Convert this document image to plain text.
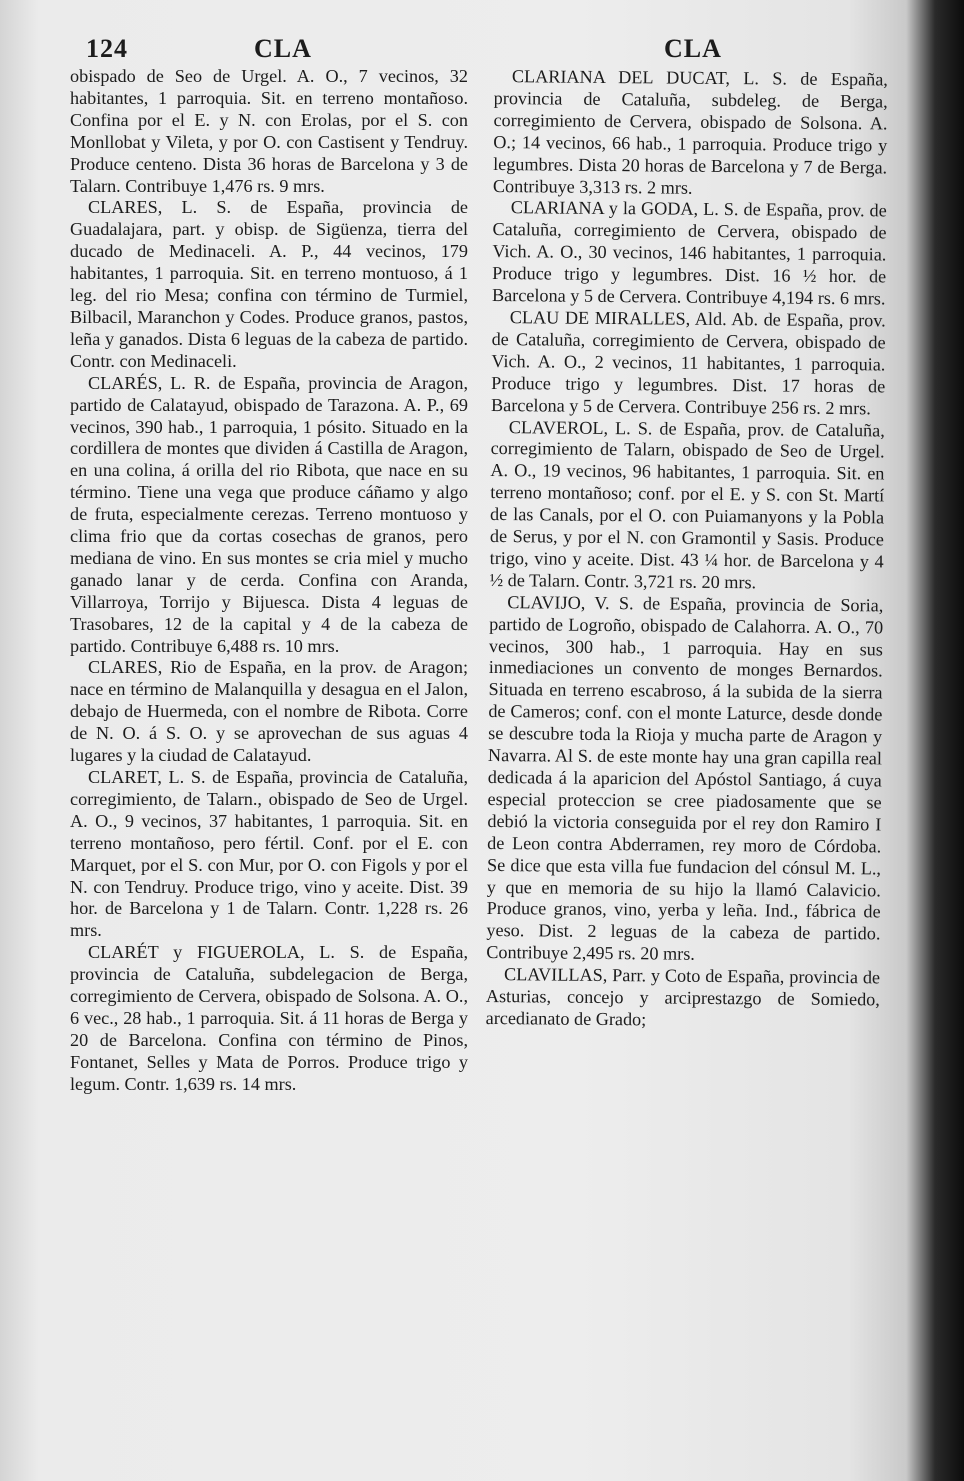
124	CLA	CLA

obispado de Seo de Urgel. A. O., 7 vecinos, 32 habitantes, 1 parroquia. Sit. en terreno montañoso. Confina por el E. y N. con Erolas, por el S. con Monllobat y Vileta, y por O. con Castisent y Tendruy. Produce centeno. Dista 36 horas de Barcelona y 3 de Talarn. Contribuye 1,476 rs. 9 mrs.

CLARES, L. S. de España, provincia de Guadalajara, part. y obisp. de Sigüenza, tierra del ducado de Medinaceli. A. P., 44 vecinos, 179 habitantes, 1 parroquia. Sit. en terreno montuoso, á 1 leg. del rio Mesa; confina con término de Turmiel, Bilbacil, Maranchon y Codes. Produce granos, pastos, leña y ganados. Dista 6 leguas de la cabeza de partido. Contr. con Medinaceli.

CLARÉS, L. R. de España, provincia de Aragon, partido de Calatayud, obispado de Tarazona. A. P., 69 vecinos, 390 hab., 1 parroquia, 1 pósito. Situado en la cordillera de montes que dividen á Castilla de Aragon, en una colina, á orilla del rio Ribota, que nace en su término. Tiene una vega que produce cáñamo y algo de fruta, especialmente cerezas. Terreno montuoso y clima frio que da cortas cosechas de granos, pero mediana de vino. En sus montes se cria miel y mucho ganado lanar y de cerda. Confina con Aranda, Villarroya, Torrijo y Bijuesca. Dista 4 leguas de Trasobares, 12 de la capital y 4 de la cabeza de partido. Contribuye 6,488 rs. 10 mrs.

CLARES, Rio de España, en la prov. de Aragon; nace en término de Malanquilla y desagua en el Jalon, debajo de Huermeda, con el nombre de Ribota. Corre de N. O. á S. O. y se aprovechan de sus aguas 4 lugares y la ciudad de Calatayud.

CLARET, L. S. de España, provincia de Cataluña, corregimiento, de Talarn., obispado de Seo de Urgel. A. O., 9 vecinos, 37 habitantes, 1 parroquia. Sit. en terreno montañoso, pero fértil. Conf. por el E. con Marquet, por el S. con Mur, por O. con Figols y por el N. con Tendruy. Produce trigo, vino y aceite. Dist. 39 hor. de Barcelona y 1 de Talarn. Contr. 1,228 rs. 26 mrs.

CLARÉT y FIGUEROLA, L. S. de España, provincia de Cataluña, subdelegacion de Berga, corregimiento de Cervera, obispado de Solsona. A. O., 6 vec., 28 hab., 1 parroquia. Sit. á 11 horas de Berga y 20 de Barcelona. Confina con término de Pinos, Fontanet, Selles y Mata de Porros. Produce trigo y legum. Contr. 1,639 rs. 14 mrs.

CLARIANA DEL DUCAT, L. S. de España, provincia de Cataluña, subdeleg. de Berga, corregimiento de Cervera, obispado de Solsona. A. O.; 14 vecinos, 66 hab., 1 parroquia. Produce trigo y legumbres. Dista 20 horas de Barcelona y 7 de Berga. Contribuye 3,313 rs. 2 mrs.

CLARIANA y la GODA, L. S. de España, prov. de Cataluña, corregimiento de Cervera, obispado de Vich. A. O., 30 vecinos, 146 habitantes, 1 parroquia. Produce trigo y legumbres. Dist. 16 ½ hor. de Barcelona y 5 de Cervera. Contribuye 4,194 rs. 6 mrs.

CLAU DE MIRALLES, Ald. Ab. de España, prov. de Cataluña, corregimiento de Cervera, obispado de Vich. A. O., 2 vecinos, 11 habitantes, 1 parroquia. Produce trigo y legumbres. Dist. 17 horas de Barcelona y 5 de Cervera. Contribuye 256 rs. 2 mrs.

CLAVEROL, L. S. de España, prov. de Cataluña, corregimiento de Talarn, obispado de Seo de Urgel. A. O., 19 vecinos, 96 habitantes, 1 parroquia. Sit. en terreno montañoso; conf. por el E. y S. con St. Martí de las Canals, por el O. con Puiamanyons y la Pobla de Serus, y por el N. con Gramontil y Sasis. Produce trigo, vino y aceite. Dist. 43 ¼ hor. de Barcelona y 4 ½ de Talarn. Contr. 3,721 rs. 20 mrs.

CLAVIJO, V. S. de España, provincia de Soria, partido de Logroño, obispado de Calahorra. A. O., 70 vecinos, 300 hab., 1 parroquia. Hay en sus inmediaciones un convento de monges Bernardos. Situada en terreno escabroso, á la subida de la sierra de Cameros; conf. con el monte Laturce, desde donde se descubre toda la Rioja y mucha parte de Aragon y Navarra. Al S. de este monte hay una gran capilla real dedicada á la aparicion del Apóstol Santiago, á cuya especial proteccion se cree piadosamente que se debió la victoria conseguida por el rey don Ramiro I de Leon contra Abderramen, rey moro de Córdoba. Se dice que esta villa fue fundacion del cónsul M. L., y que en memoria de su hijo la llamó Calavicio. Produce granos, vino, yerba y leña. Ind., fábrica de yeso. Dist. 2 leguas de la cabeza de partido. Contribuye 2,495 rs. 20 mrs.

CLAVILLAS, Parr. y Coto de España, provincia de Asturias, concejo y arciprestazgo de Somiedo, arcedianato de Grado;
